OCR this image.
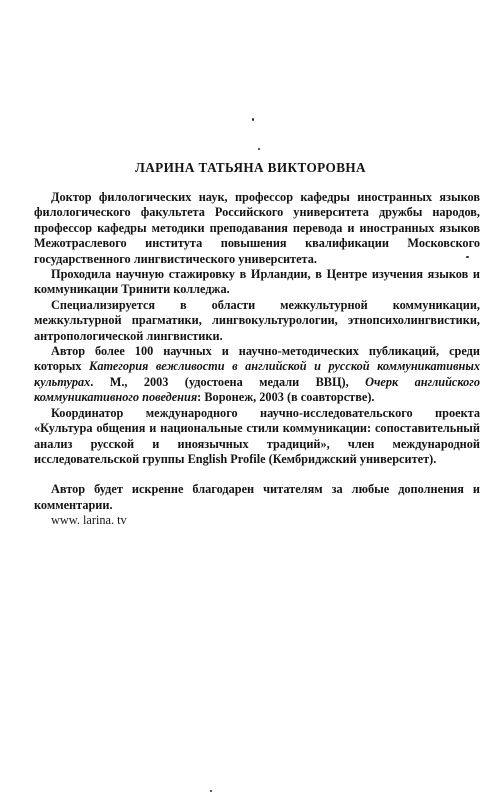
ЛАРИНА ТАТЬЯНА ВИКТОРОВНА

Доктор филологических наук, профессор кафедры иностранных языков филологического факультета Российского университета дружбы народов, профессор кафедры методики преподавания перевода и иностранных языков Межотраслевого института повышения квалификации Московского государственного лингвистического университета.

Проходила научную стажировку в Ирландии, в Центре изучения языков и коммуникации Тринити колледжа.

Специализируется в области межкультурной коммуникации, межкультурной прагматики, лингвокультурологии, этнопсихолингвистики, антропологической лингвистики.

Автор более 100 научных и научно-методических публикаций, среди которых Категория вежливости в английской и русской коммуникативных культурах. М., 2003 (удостоена медали ВВЦ), Очерк английского коммуникативного поведения: Воронеж, 2003 (в соавторстве).

Координатор международного научно-исследовательского проекта «Культура общения и национальные стили коммуникации: сопоставительный анализ русской и иноязычных традиций», член международной исследовательской группы English Profile (Кембриджский университет).

Автор будет искренне благодарен читателям за любые дополнения и комментарии.

www. larina. tv
